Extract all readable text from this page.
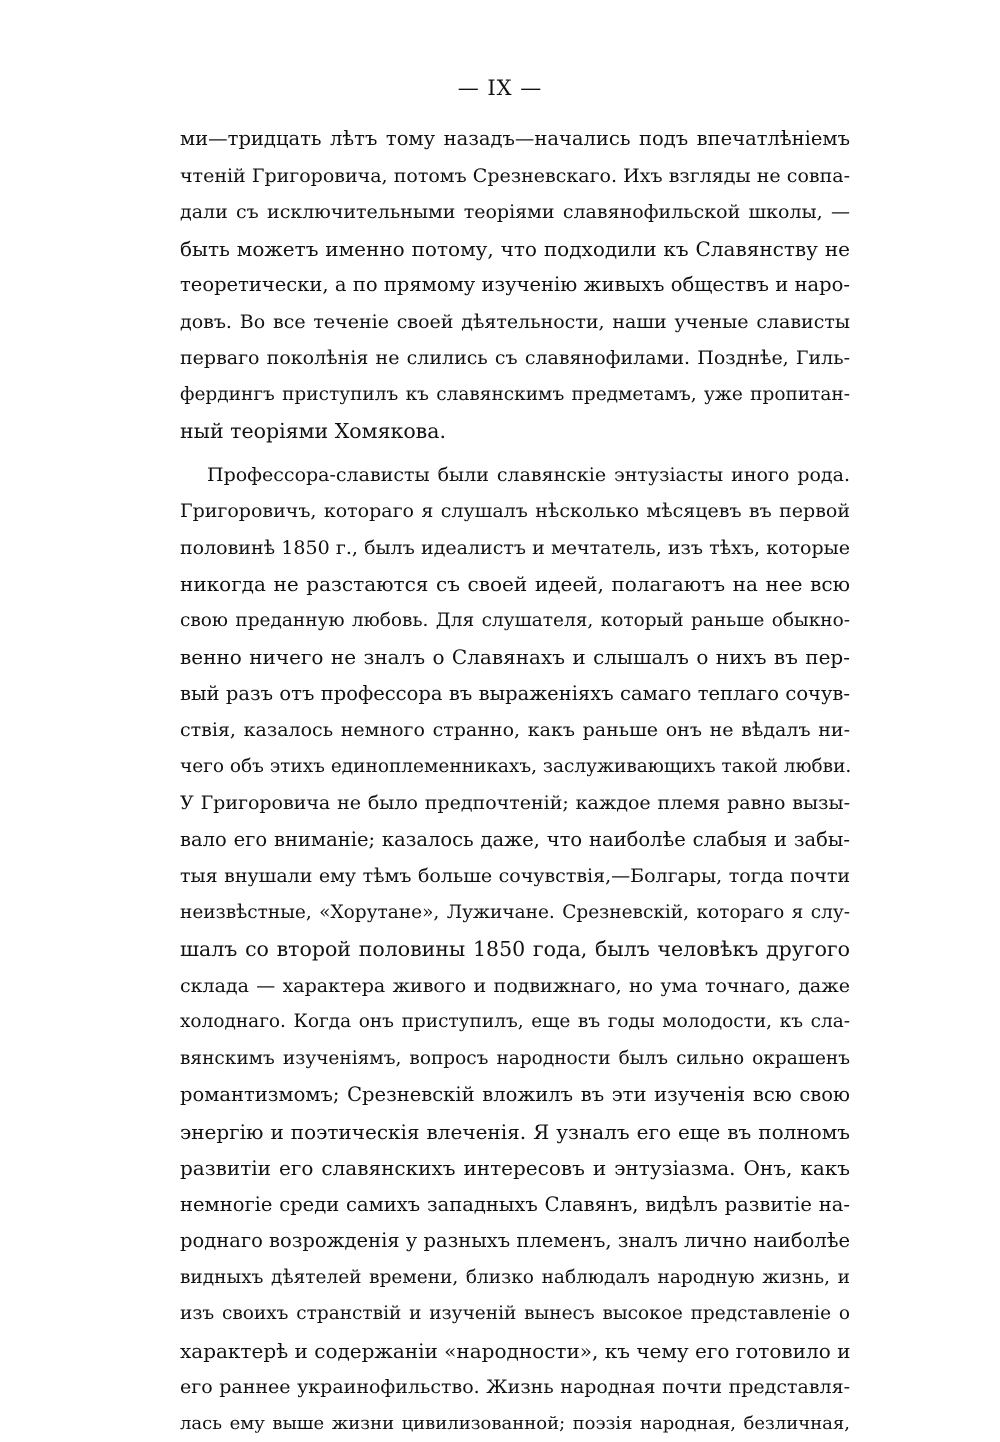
— IX —
ми—тридцать лѣтъ тому назадъ—начались подъ впечатлѣніемъ
чтеній Григоровича, потомъ Срезневскаго. Ихъ взгляды не совпа-
дали съ исключительными теоріями славянофильской школы, —
быть можетъ именно потому, что подходили къ Славянству не
теоретически, а по прямому изученію живыхъ обществъ и наро-
довъ. Во все теченіе своей дѣятельности, наши ученые слависты
перваго поколѣнія не слились съ славянофилами. Позднѣе, Гиль-
фердингъ приступилъ къ славянскимъ предметамъ, уже пропитан-
ный теоріями Хомякова.
Профессора-слависты были славянскіе энтузіасты иного рода.
Григоровичъ, котораго я слушалъ нѣсколько мѣсяцевъ въ первой
половинѣ 1850 г., былъ идеалистъ и мечтатель, изъ тѣхъ, которые
никогда не разстаются съ своей идеей, полагаютъ на нее всю
свою преданную любовь. Для слушателя, который раньше обыкно-
венно ничего не зналъ о Славянахъ и слышалъ о нихъ въ пер-
вый разъ отъ профессора въ выраженіяхъ самаго теплаго сочув-
ствія, казалось немного странно, какъ раньше онъ не вѣдалъ ни-
чего объ этихъ единоплеменникахъ, заслуживающихъ такой любви.
У Григоровича не было предпочтеній; каждое племя равно вызы-
вало его вниманіе; казалось даже, что наиболѣе слабыя и забы-
тыя внушали ему тѣмъ больше сочувствія,—Болгары, тогда почти
неизвѣстные, «Хорутане», Лужичане. Срезневскій, котораго я слу-
шалъ со второй половины 1850 года, былъ человѣкъ другого
склада — характера живого и подвижнаго, но ума точнаго, даже
холоднаго. Когда онъ приступилъ, еще въ годы молодости, къ сла-
вянскимъ изученіямъ, вопросъ народности былъ сильно окрашенъ
романтизмомъ; Срезневскій вложилъ въ эти изученія всю свою
энергію и поэтическія влеченія. Я узналъ его еще въ полномъ
развитіи его славянскихъ интересовъ и энтузіазма. Онъ, какъ
немногіе среди самихъ западныхъ Славянъ, видѣлъ развитіе на-
роднаго возрожденія у разныхъ племенъ, зналъ лично наиболѣе
видныхъ дѣятелей времени, близко наблюдалъ народную жизнь, и
изъ своихъ странствій и изученій вынесъ высокое представленіе о
характерѣ и содержаніи «народности», къ чему его готовило и
его раннее украинофильство. Жизнь народная почти представля-
лась ему выше жизни цивилизованной; поэзія народная, безличная,
